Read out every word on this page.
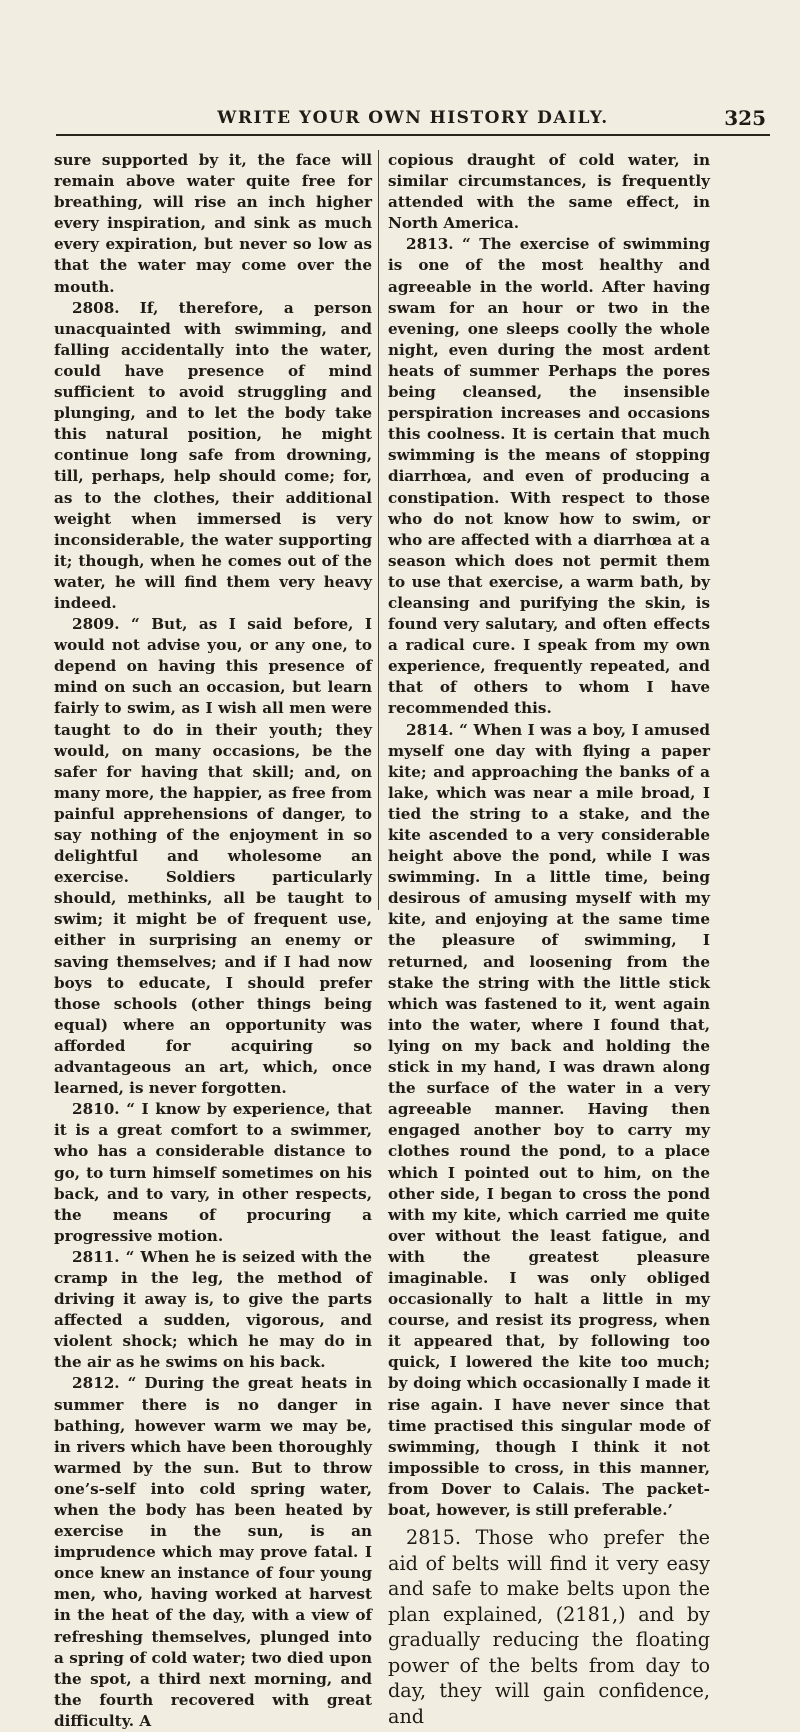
WRITE YOUR OWN HISTORY DAILY.	325

sure supported by it, the face will remain above water quite free for breathing, will rise an inch higher every inspiration, and sink as much every expiration, but never so low as that the water may come over the mouth.

2808. If, therefore, a person unacquainted with swimming, and falling accidentally into the water, could have presence of mind sufficient to avoid struggling and plunging, and to let the body take this natural position, he might continue long safe from drowning, till, perhaps, help should come; for, as to the clothes, their additional weight when immersed is very inconsiderable, the water supporting it; though, when he comes out of the water, he will find them very heavy indeed.

2809. “ But, as I said before, I would not advise you, or any one, to depend on having this presence of mind on such an occasion, but learn fairly to swim, as I wish all men were taught to do in their youth; they would, on many occasions, be the safer for having that skill; and, on many more, the happier, as free from painful apprehensions of danger, to say nothing of the enjoyment in so delightful and wholesome an exercise. Soldiers particularly should, methinks, all be taught to swim; it might be of frequent use, either in surprising an enemy or saving themselves; and if I had now boys to educate, I should prefer those schools (other things being equal) where an opportunity was afforded for acquiring so advantageous an art, which, once learned, is never forgotten.

2810. “ I know by experience, that it is a great comfort to a swimmer, who has a considerable distance to go, to turn himself sometimes on his back, and to vary, in other respects, the means of procuring a progressive motion.

2811. “ When he is seized with the cramp in the leg, the method of driving it away is, to give the parts affected a sudden, vigorous, and violent shock; which he may do in the air as he swims on his back.

2812. “ During the great heats in summer there is no danger in bathing, however warm we may be, in rivers which have been thoroughly warmed by the sun. But to throw one’s-self into cold spring water, when the body has been heated by exercise in the sun, is an imprudence which may prove fatal. I once knew an instance of four young men, who, having worked at harvest in the heat of the day, with a view of refreshing themselves, plunged into a spring of cold water; two died upon the spot, a third next morning, and the fourth recovered with great difficulty. A

copious draught of cold water, in similar circumstances, is frequently attended with the same effect, in North America.

2813. “ The exercise of swimming is one of the most healthy and agreeable in the world. After having swam for an hour or two in the evening, one sleeps coolly the whole night, even during the most ardent heats of summer Perhaps the pores being cleansed, the insensible perspiration increases and occasions this coolness. It is certain that much swimming is the means of stopping diarrhœa, and even of producing a constipation. With respect to those who do not know how to swim, or who are affected with a diarrhœa at a season which does not permit them to use that exercise, a warm bath, by cleansing and purifying the skin, is found very salutary, and often effects a radical cure. I speak from my own experience, frequently repeated, and that of others to whom I have recommended this.

2814. “ When I was a boy, I amused myself one day with flying a paper kite; and approaching the banks of a lake, which was near a mile broad, I tied the string to a stake, and the kite ascended to a very considerable height above the pond, while I was swimming. In a little time, being desirous of amusing myself with my kite, and enjoying at the same time the pleasure of swimming, I returned, and loosening from the stake the string with the little stick which was fastened to it, went again into the water, where I found that, lying on my back and holding the stick in my hand, I was drawn along the surface of the water in a very agreeable manner. Having then engaged another boy to carry my clothes round the pond, to a place which I pointed out to him, on the other side, I began to cross the pond with my kite, which carried me quite over without the least fatigue, and with the greatest pleasure imaginable. I was only obliged occasionally to halt a little in my course, and resist its progress, when it appeared that, by following too quick, I lowered the kite too much; by doing which occasionally I made it rise again. I have never since that time practised this singular mode of swimming, though I think it not impossible to cross, in this manner, from Dover to Calais. The packet-boat, however, is still preferable.’

2815. Those who prefer the aid of belts will find it very easy and safe to make belts upon the plan explained, (2181,) and by gradually reducing the floating power of the belts from day to day, they will gain confidence, and
